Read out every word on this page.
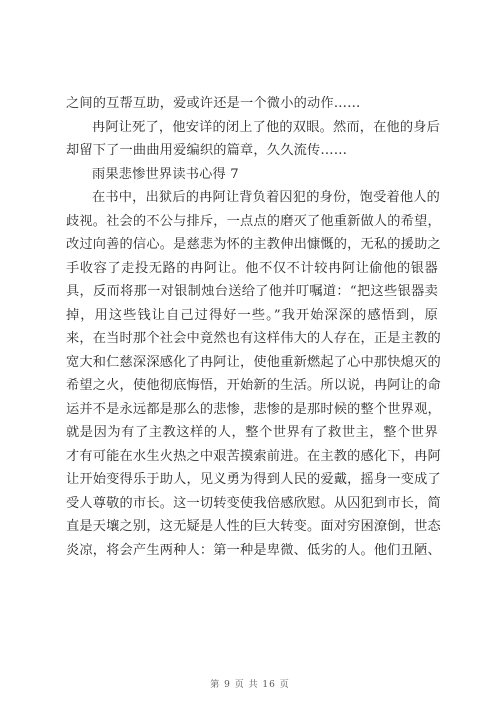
之间的互帮互助，爱或许还是一个微小的动作……
冉阿让死了，他安详的闭上了他的双眼。然而，在他的身后
却留下了一曲曲用爱编织的篇章，久久流传……
雨果悲惨世界读书心得 7
在书中，出狱后的冉阿让背负着囚犯的身份，饱受着他人的
歧视。社会的不公与排斥，一点点的磨灭了他重新做人的希望，
改过向善的信心。是慈悲为怀的主教伸出慷慨的，无私的援助之
手收容了走投无路的冉阿让。他不仅不计较冉阿让偷他的银器
具，反而将那一对银制烛台送给了他并叮嘱道：“把这些银器卖
掉，用这些钱让自己过得好一些。”我开始深深的感悟到，原
来，在当时那个社会中竟然也有这样伟大的人存在，正是主教的
宽大和仁慈深深感化了冉阿让，使他重新燃起了心中那快熄灭的
希望之火，使他彻底悔悟，开始新的生活。所以说，冉阿让的命
运并不是永远都是那么的悲惨，悲惨的是那时候的整个世界观，
就是因为有了主教这样的人，整个世界有了救世主，整个世界
才有可能在水生火热之中艰苦摸索前进。在主教的感化下，冉阿
让开始变得乐于助人，见义勇为得到人民的爱戴，摇身一变成了
受人尊敬的市长。这一切转变使我倍感欣慰。从囚犯到市长，简
直是天壤之别，这无疑是人性的巨大转变。面对穷困潦倒，世态
炎凉，将会产生两种人：第一种是卑微、低劣的人。他们丑陋、
第 9 页 共 16 页
